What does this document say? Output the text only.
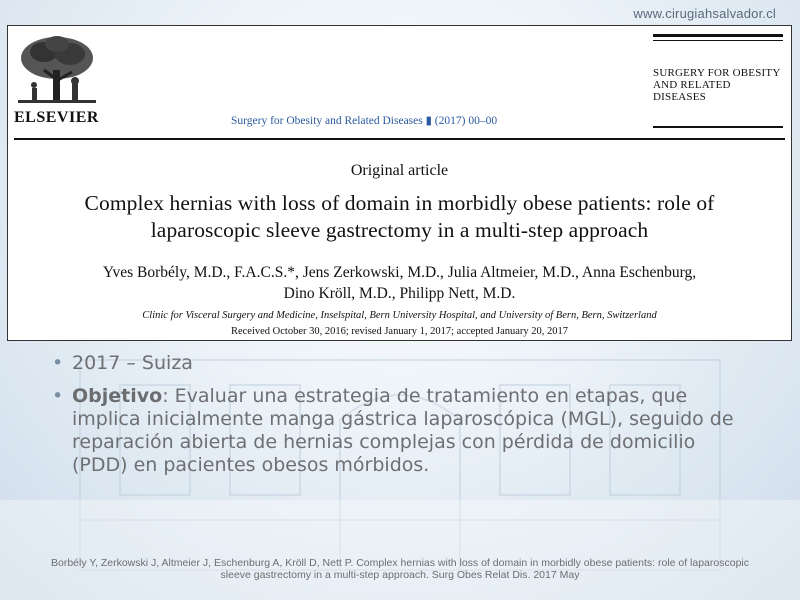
www.cirugiahsalvador.cl
ELSEVIER	Surgery for Obesity and Related Diseases ▮ (2017) 00–00
SURGERY FOR OBESITY AND RELATED DISEASES
Original article
Complex hernias with loss of domain in morbidly obese patients: role of
laparoscopic sleeve gastrectomy in a multi-step approach
Yves Borbély, M.D., F.A.C.S.*, Jens Zerkowski, M.D., Julia Altmeier, M.D., Anna Eschenburg,
Dino Kröll, M.D., Philipp Nett, M.D.
Clinic for Visceral Surgery and Medicine, Inselspital, Bern University Hospital, and University of Bern, Bern, Switzerland
Received October 30, 2016; revised January 1, 2017; accepted January 20, 2017
• 2017 – Suiza
• Objetivo: Evaluar una estrategia de tratamiento en etapas, que implica inicialmente manga gástrica laparoscópica (MGL), seguido de reparación abierta de hernias complejas con pérdida de domicilio (PDD) en pacientes obesos mórbidos.
Borbély Y, Zerkowski J, Altmeier J, Eschenburg A, Kröll D, Nett P. Complex hernias with loss of domain in morbidly obese patients: role of laparoscopic sleeve gastrectomy in a multi-step approach. Surg Obes Relat Dis. 2017 May
